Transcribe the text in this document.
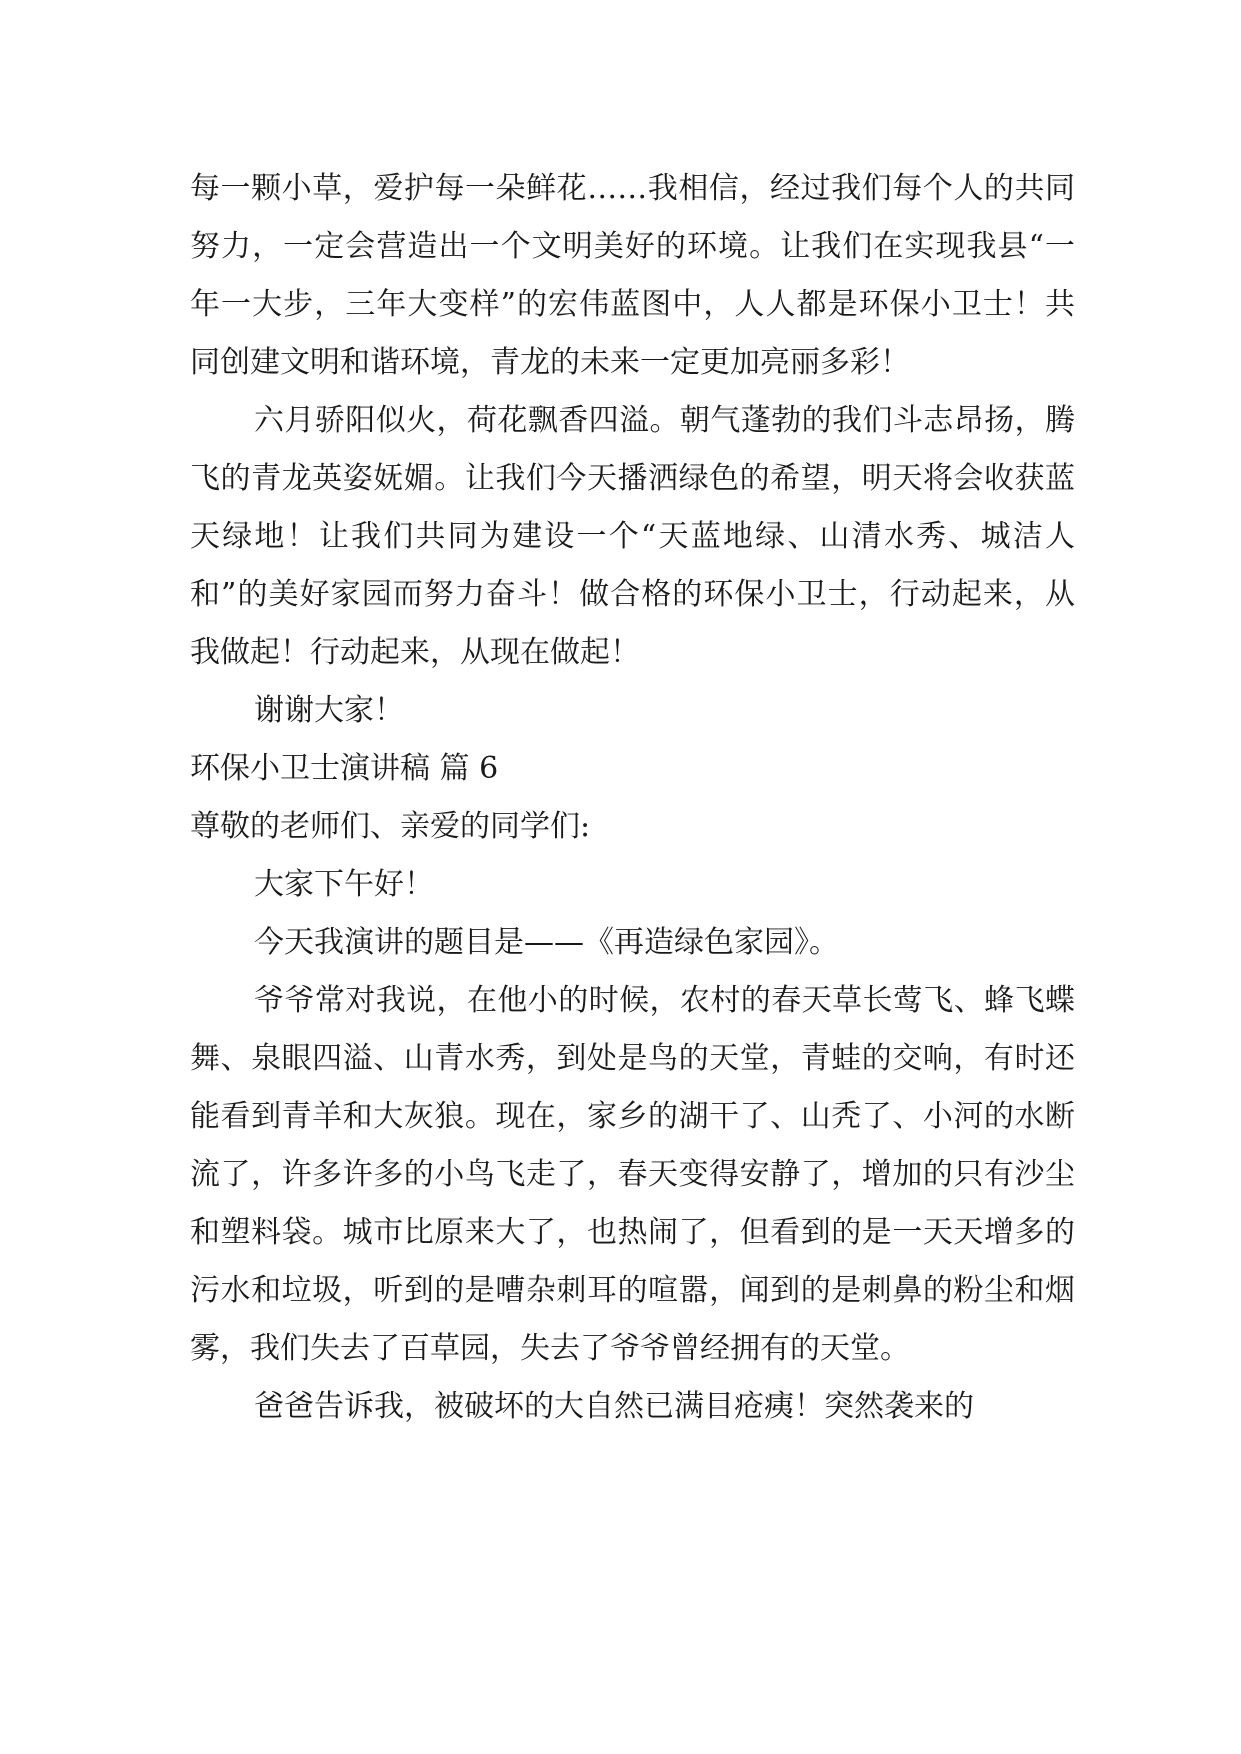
每一颗小草，爱护每一朵鲜花……我相信，经过我们每个人的共同努力，一定会营造出一个文明美好的环境。让我们在实现我县“一年一大步，三年大变样”的宏伟蓝图中，人人都是环保小卫士！共同创建文明和谐环境，青龙的未来一定更加亮丽多彩！

六月骄阳似火，荷花飘香四溢。朝气蓬勃的我们斗志昂扬，腾飞的青龙英姿妩媚。让我们今天播洒绿色的希望，明天将会收获蓝天绿地！让我们共同为建设一个“天蓝地绿、山清水秀、城洁人和”的美好家园而努力奋斗！做合格的环保小卫士，行动起来，从我做起！行动起来，从现在做起！

谢谢大家！

环保小卫士演讲稿 篇 6

尊敬的老师们、亲爱的同学们:

大家下午好！

今天我演讲的题目是——《再造绿色家园》。

爷爷常对我说，在他小的时候，农村的春天草长莺飞、蜂飞蝶舞、泉眼四溢、山青水秀，到处是鸟的天堂，青蛙的交响，有时还能看到青羊和大灰狼。现在，家乡的湖干了、山秃了、小河的水断流了，许多许多的小鸟飞走了，春天变得安静了，增加的只有沙尘和塑料袋。城市比原来大了，也热闹了，但看到的是一天天增多的污水和垃圾，听到的是嘈杂刺耳的喧嚣，闻到的是刺鼻的粉尘和烟雾，我们失去了百草园，失去了爷爷曾经拥有的天堂。

爸爸告诉我，被破坏的大自然已满目疮痍！突然袭来的
